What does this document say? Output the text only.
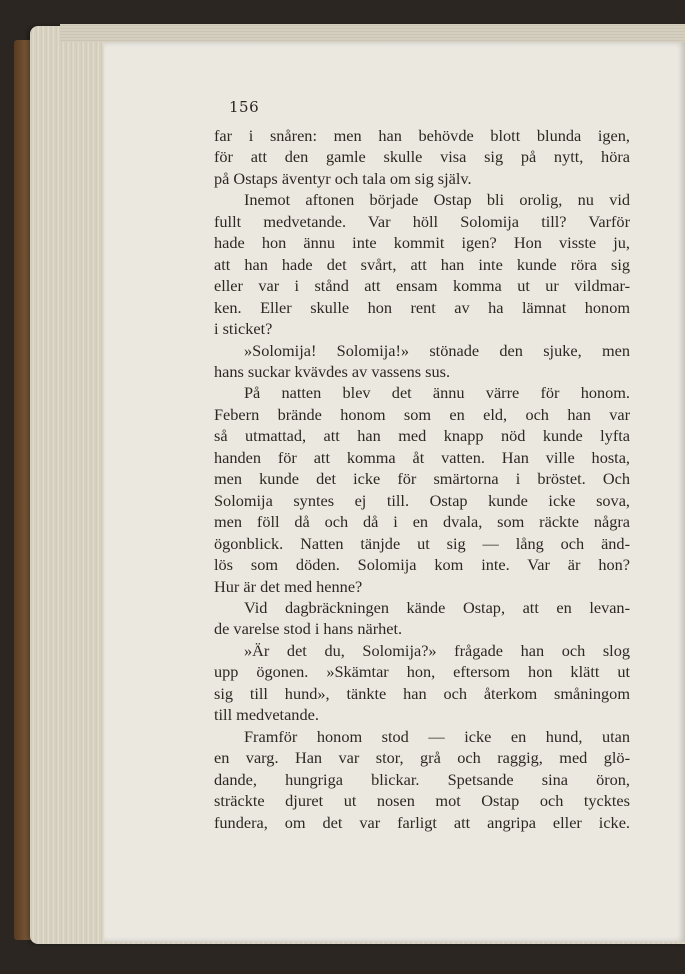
156

far i snåren: men han behövde blott blunda igen,

för att den gamle skulle visa sig på nytt, höra

på Ostaps äventyr och tala om sig själv.

Inemot aftonen började Ostap bli orolig, nu vid

fullt medvetande. Var höll Solomija till? Varför

hade hon ännu inte kommit igen? Hon visste ju,

att han hade det svårt, att han inte kunde röra sig

eller var i stånd att ensam komma ut ur vildmar-

ken. Eller skulle hon rent av ha lämnat honom

i sticket?

»Solomija! Solomija!» stönade den sjuke, men

hans suckar kvävdes av vassens sus.

På natten blev det ännu värre för honom.

Febern brände honom som en eld, och han var

så utmattad, att han med knapp nöd kunde lyfta

handen för att komma åt vatten. Han ville hosta,

men kunde det icke för smärtorna i bröstet. Och

Solomija syntes ej till. Ostap kunde icke sova,

men föll då och då i en dvala, som räckte några

ögonblick. Natten tänjde ut sig — lång och änd-

lös som döden. Solomija kom inte. Var är hon?

Hur är det med henne?

Vid dagbräckningen kände Ostap, att en levan-

de varelse stod i hans närhet.

»Är det du, Solomija?» frågade han och slog

upp ögonen. »Skämtar hon, eftersom hon klätt ut

sig till hund», tänkte han och återkom småningom

till medvetande.

Framför honom stod — icke en hund, utan

en varg. Han var stor, grå och raggig, med glö-

dande, hungriga blickar. Spetsande sina öron,

sträckte djuret ut nosen mot Ostap och tycktes

fundera, om det var farligt att angripa eller icke.
